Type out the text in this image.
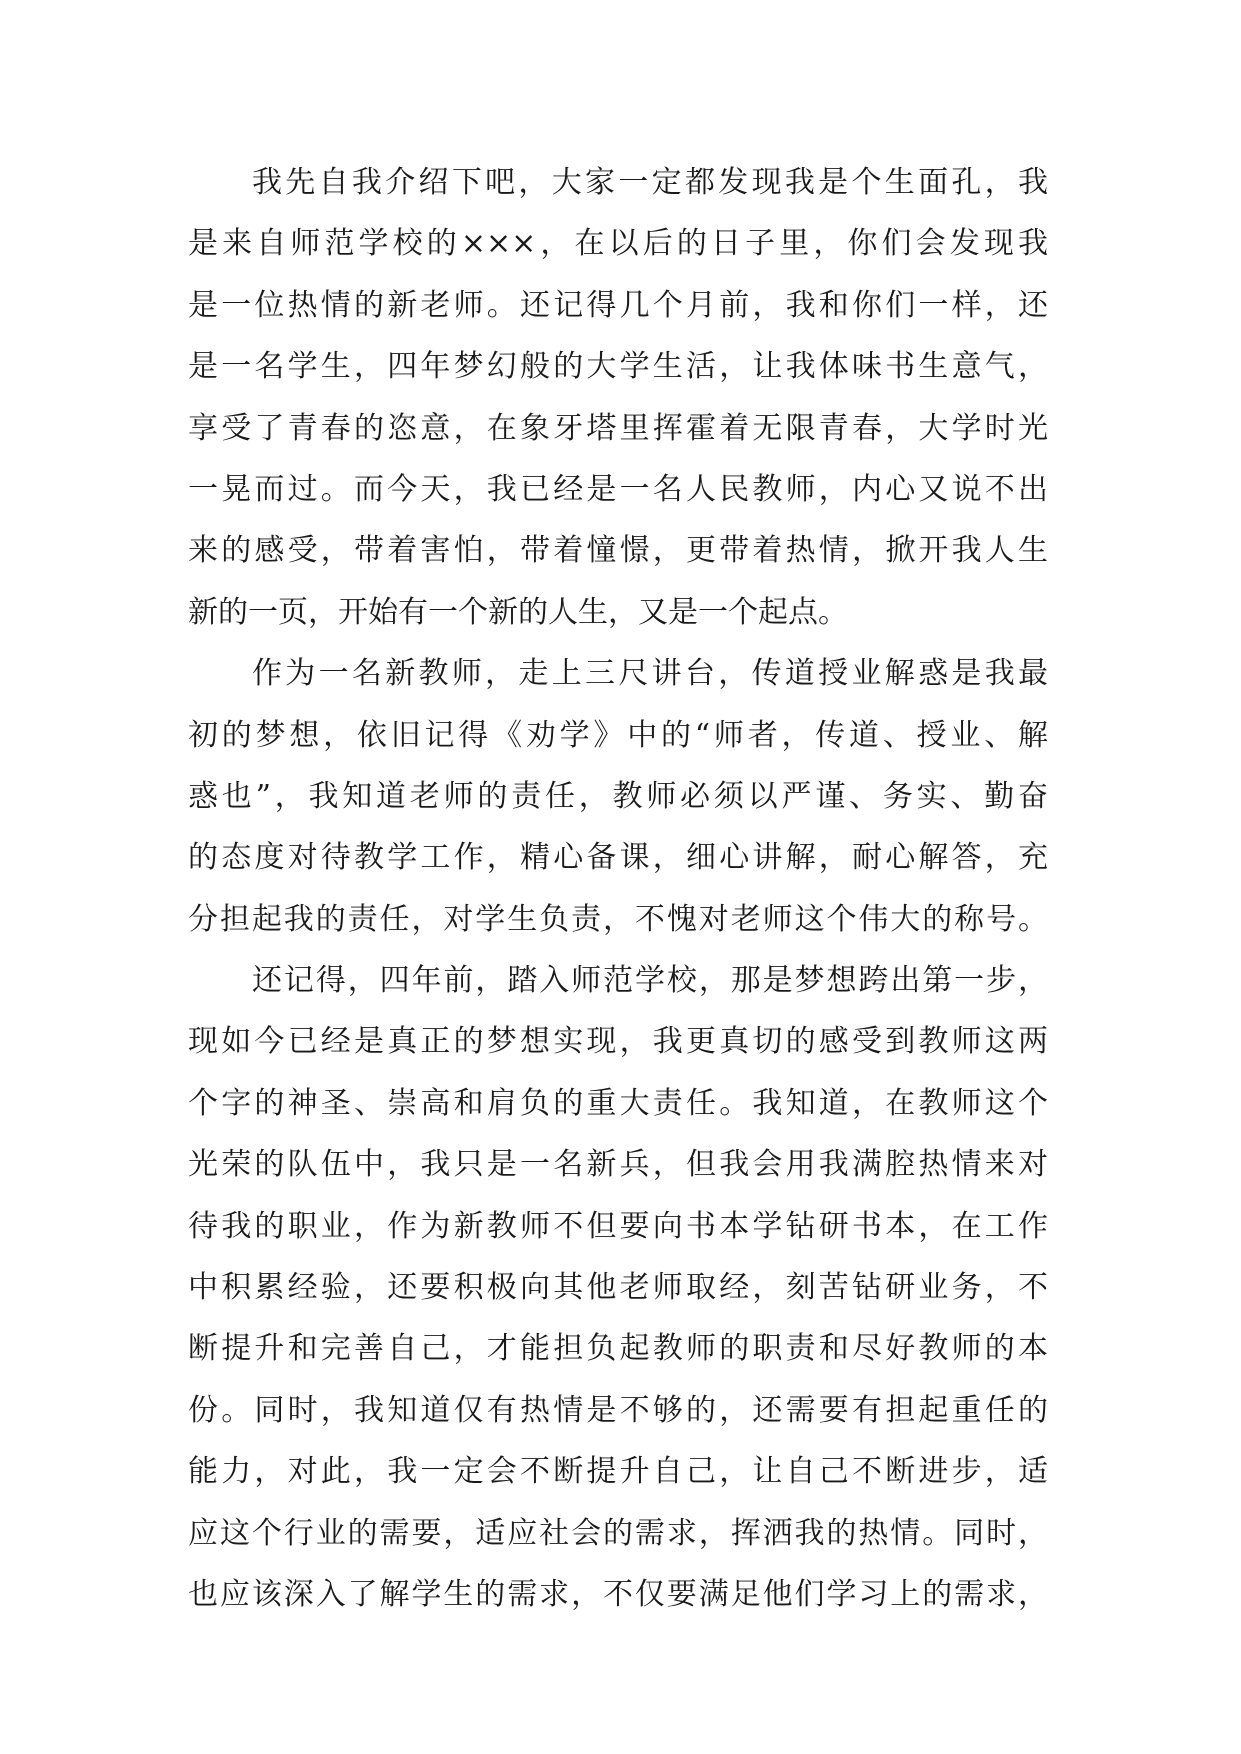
我先自我介绍下吧，大家一定都发现我是个生面孔，我
是来自师范学校的×××，在以后的日子里，你们会发现我
是一位热情的新老师。还记得几个月前，我和你们一样，还
是一名学生，四年梦幻般的大学生活，让我体味书生意气，
享受了青春的恣意，在象牙塔里挥霍着无限青春，大学时光
一晃而过。而今天，我已经是一名人民教师，内心又说不出
来的感受，带着害怕，带着憧憬，更带着热情，掀开我人生
新的一页，开始有一个新的人生，又是一个起点。
作为一名新教师，走上三尺讲台，传道授业解惑是我最
初的梦想，依旧记得《劝学》中的“师者，传道、授业、解
惑也”，我知道老师的责任，教师必须以严谨、务实、勤奋
的态度对待教学工作，精心备课，细心讲解，耐心解答，充
分担起我的责任，对学生负责，不愧对老师这个伟大的称号。
还记得，四年前，踏入师范学校，那是梦想跨出第一步，
现如今已经是真正的梦想实现，我更真切的感受到教师这两
个字的神圣、崇高和肩负的重大责任。我知道，在教师这个
光荣的队伍中，我只是一名新兵，但我会用我满腔热情来对
待我的职业，作为新教师不但要向书本学钻研书本，在工作
中积累经验，还要积极向其他老师取经，刻苦钻研业务，不
断提升和完善自己，才能担负起教师的职责和尽好教师的本
份。同时，我知道仅有热情是不够的，还需要有担起重任的
能力，对此，我一定会不断提升自己，让自己不断进步，适
应这个行业的需要，适应社会的需求，挥洒我的热情。同时，
也应该深入了解学生的需求，不仅要满足他们学习上的需求，
